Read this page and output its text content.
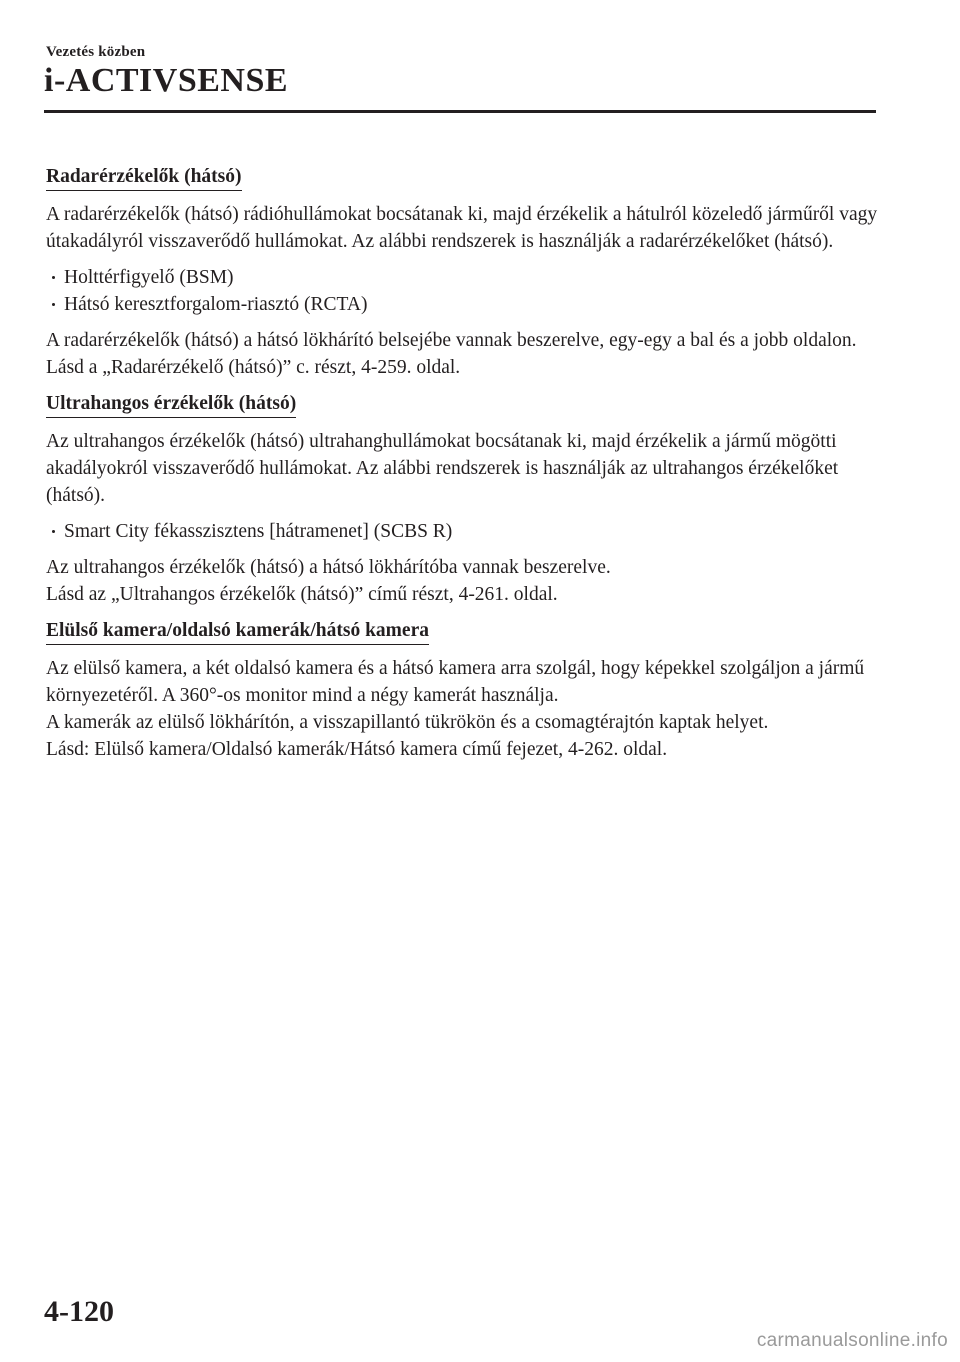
Vezetés közben
i-ACTIVSENSE
Radarérzékelők (hátsó)

A radarérzékelők (hátsó) rádióhullámokat bocsátanak ki, majd érzékelik a hátulról közeledő járműről vagy útakadályról visszaverődő hullámokat. Az alábbi rendszerek is használják a radarérzékelőket (hátsó).

Holttérfigyelő (BSM)
Hátsó keresztforgalom-riasztó (RCTA)

A radarérzékelők (hátsó) a hátsó lökhárító belsejébe vannak beszerelve, egy-egy a bal és a jobb oldalon.
Lásd a „Radarérzékelő (hátsó)” c. részt, 4-259. oldal.

Ultrahangos érzékelők (hátsó)

Az ultrahangos érzékelők (hátsó) ultrahanghullámokat bocsátanak ki, majd érzékelik a jármű mögötti akadályokról visszaverődő hullámokat. Az alábbi rendszerek is használják az ultrahangos érzékelőket (hátsó).

Smart City fékasszisztens [hátramenet] (SCBS R)

Az ultrahangos érzékelők (hátsó) a hátsó lökhárítóba vannak beszerelve.
Lásd az „Ultrahangos érzékelők (hátsó)” című részt, 4-261. oldal.

Elülső kamera/oldalsó kamerák/hátsó kamera

Az elülső kamera, a két oldalsó kamera és a hátsó kamera arra szolgál, hogy képekkel szolgáljon a jármű környezetéről. A 360°-os monitor mind a négy kamerát használja.
A kamerák az elülső lökhárítón, a visszapillantó tükrökön és a csomagtérajtón kaptak helyet.
Lásd: Elülső kamera/Oldalsó kamerák/Hátsó kamera című fejezet, 4-262. oldal.

4-120
carmanualsonline.info
